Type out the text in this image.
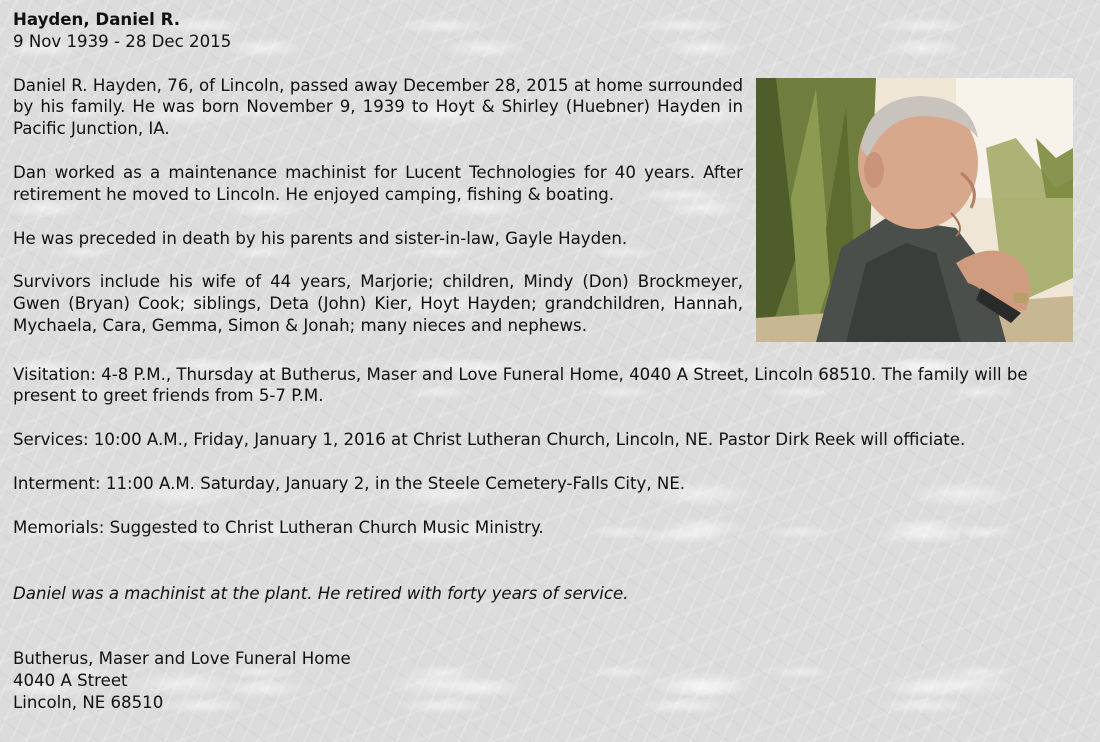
Hayden, Daniel R.
9 Nov 1939 - 28 Dec 2015

Daniel R. Hayden, 76, of Lincoln, passed away December 28, 2015 at home surrounded by his family. He was born November 9, 1939 to Hoyt & Shirley (Huebner) Hayden in Pacific Junction, IA.

Dan worked as a maintenance machinist for Lucent Technologies for 40 years. After retirement he moved to Lincoln. He enjoyed camping, fishing & boating.

He was preceded in death by his parents and sister-in-law, Gayle Hayden.

Survivors include his wife of 44 years, Marjorie; children, Mindy (Don) Brockmeyer, Gwen (Bryan) Cook; siblings, Deta (John) Kier, Hoyt Hayden; grandchildren, Hannah, Mychaela, Cara, Gemma, Simon & Jonah; many nieces and nephews.

Visitation: 4-8 P.M., Thursday at Butherus, Maser and Love Funeral Home, 4040 A Street, Lincoln 68510. The family will be present to greet friends from 5-7 P.M.

Services: 10:00 A.M., Friday, January 1, 2016 at Christ Lutheran Church, Lincoln, NE. Pastor Dirk Reek will officiate.

Interment: 11:00 A.M. Saturday, January 2, in the Steele Cemetery-Falls City, NE.

Memorials: Suggested to Christ Lutheran Church Music Ministry.

Daniel was a machinist at the plant. He retired with forty years of service.

Butherus, Maser and Love Funeral Home
4040 A Street
Lincoln, NE 68510
